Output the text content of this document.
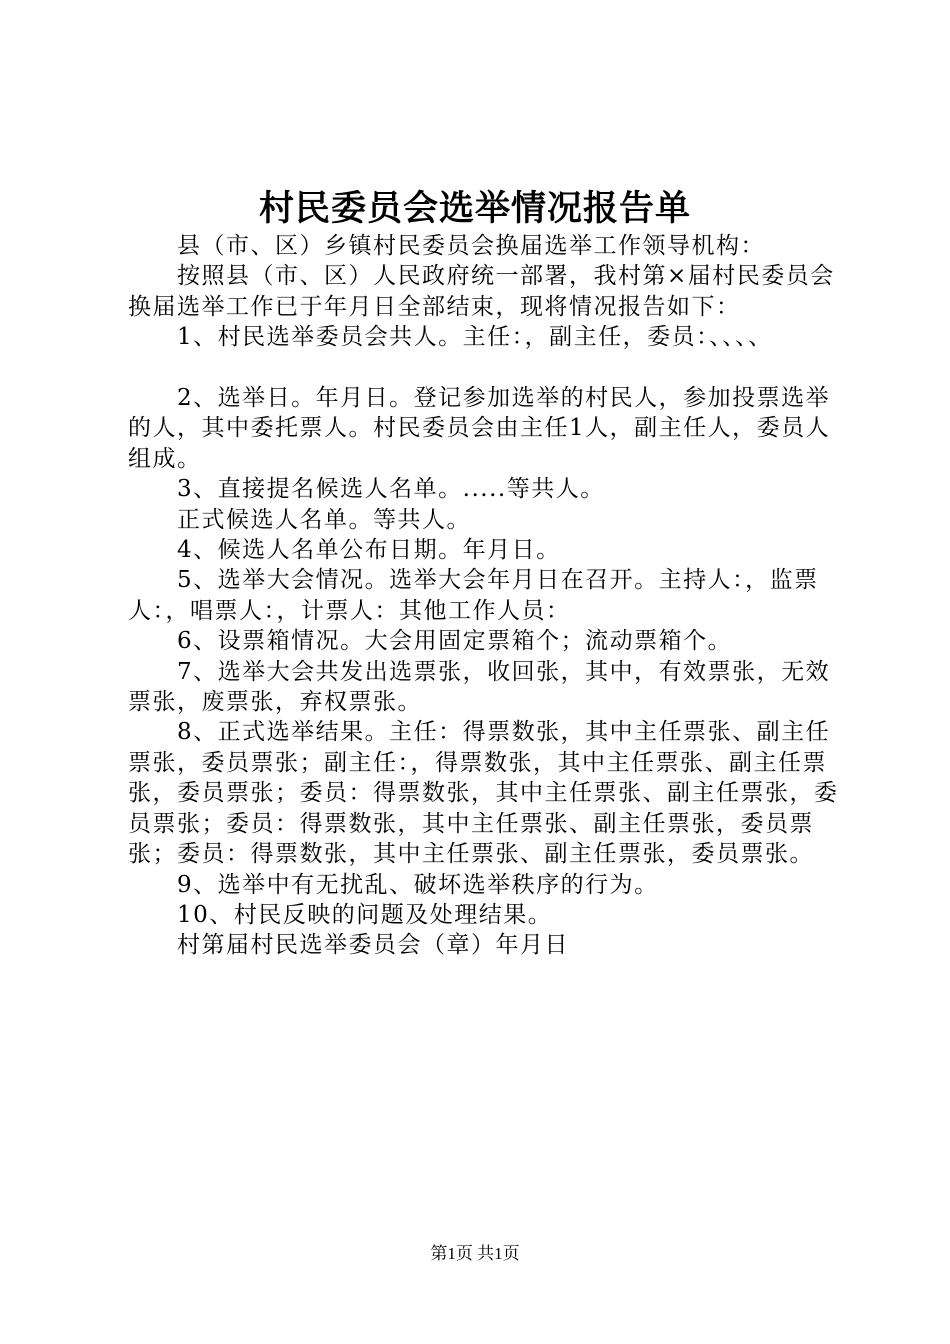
村民委员会选举情况报告单

县（市、区）乡镇村民委员会换届选举工作领导机构：

按照县（市、区）人民政府统一部署，我村第×届村民委员会换届选举工作已于年月日全部结束，现将情况报告如下：

1、村民选举委员会共人。主任：，副主任，委员：、、、、

2、选举日。年月日。登记参加选举的村民人，参加投票选举的人，其中委托票人。村民委员会由主任1人，副主任人，委员人组成。

3、直接提名候选人名单。.....等共人。

正式候选人名单。等共人。

4、候选人名单公布日期。年月日。

5、选举大会情况。选举大会年月日在召开。主持人：，监票人：，唱票人：，计票人：其他工作人员：

6、设票箱情况。大会用固定票箱个；流动票箱个。

7、选举大会共发出选票张，收回张，其中，有效票张，无效票张，废票张，弃权票张。

8、正式选举结果。主任：得票数张，其中主任票张、副主任票张，委员票张；副主任：，得票数张，其中主任票张、副主任票张，委员票张；委员：得票数张，其中主任票张、副主任票张，委员票张；委员：得票数张，其中主任票张、副主任票张，委员票张；委员：得票数张，其中主任票张、副主任票张，委员票张。

9、选举中有无扰乱、破坏选举秩序的行为。

10、村民反映的问题及处理结果。

村第届村民选举委员会（章）年月日

第1页 共1页
